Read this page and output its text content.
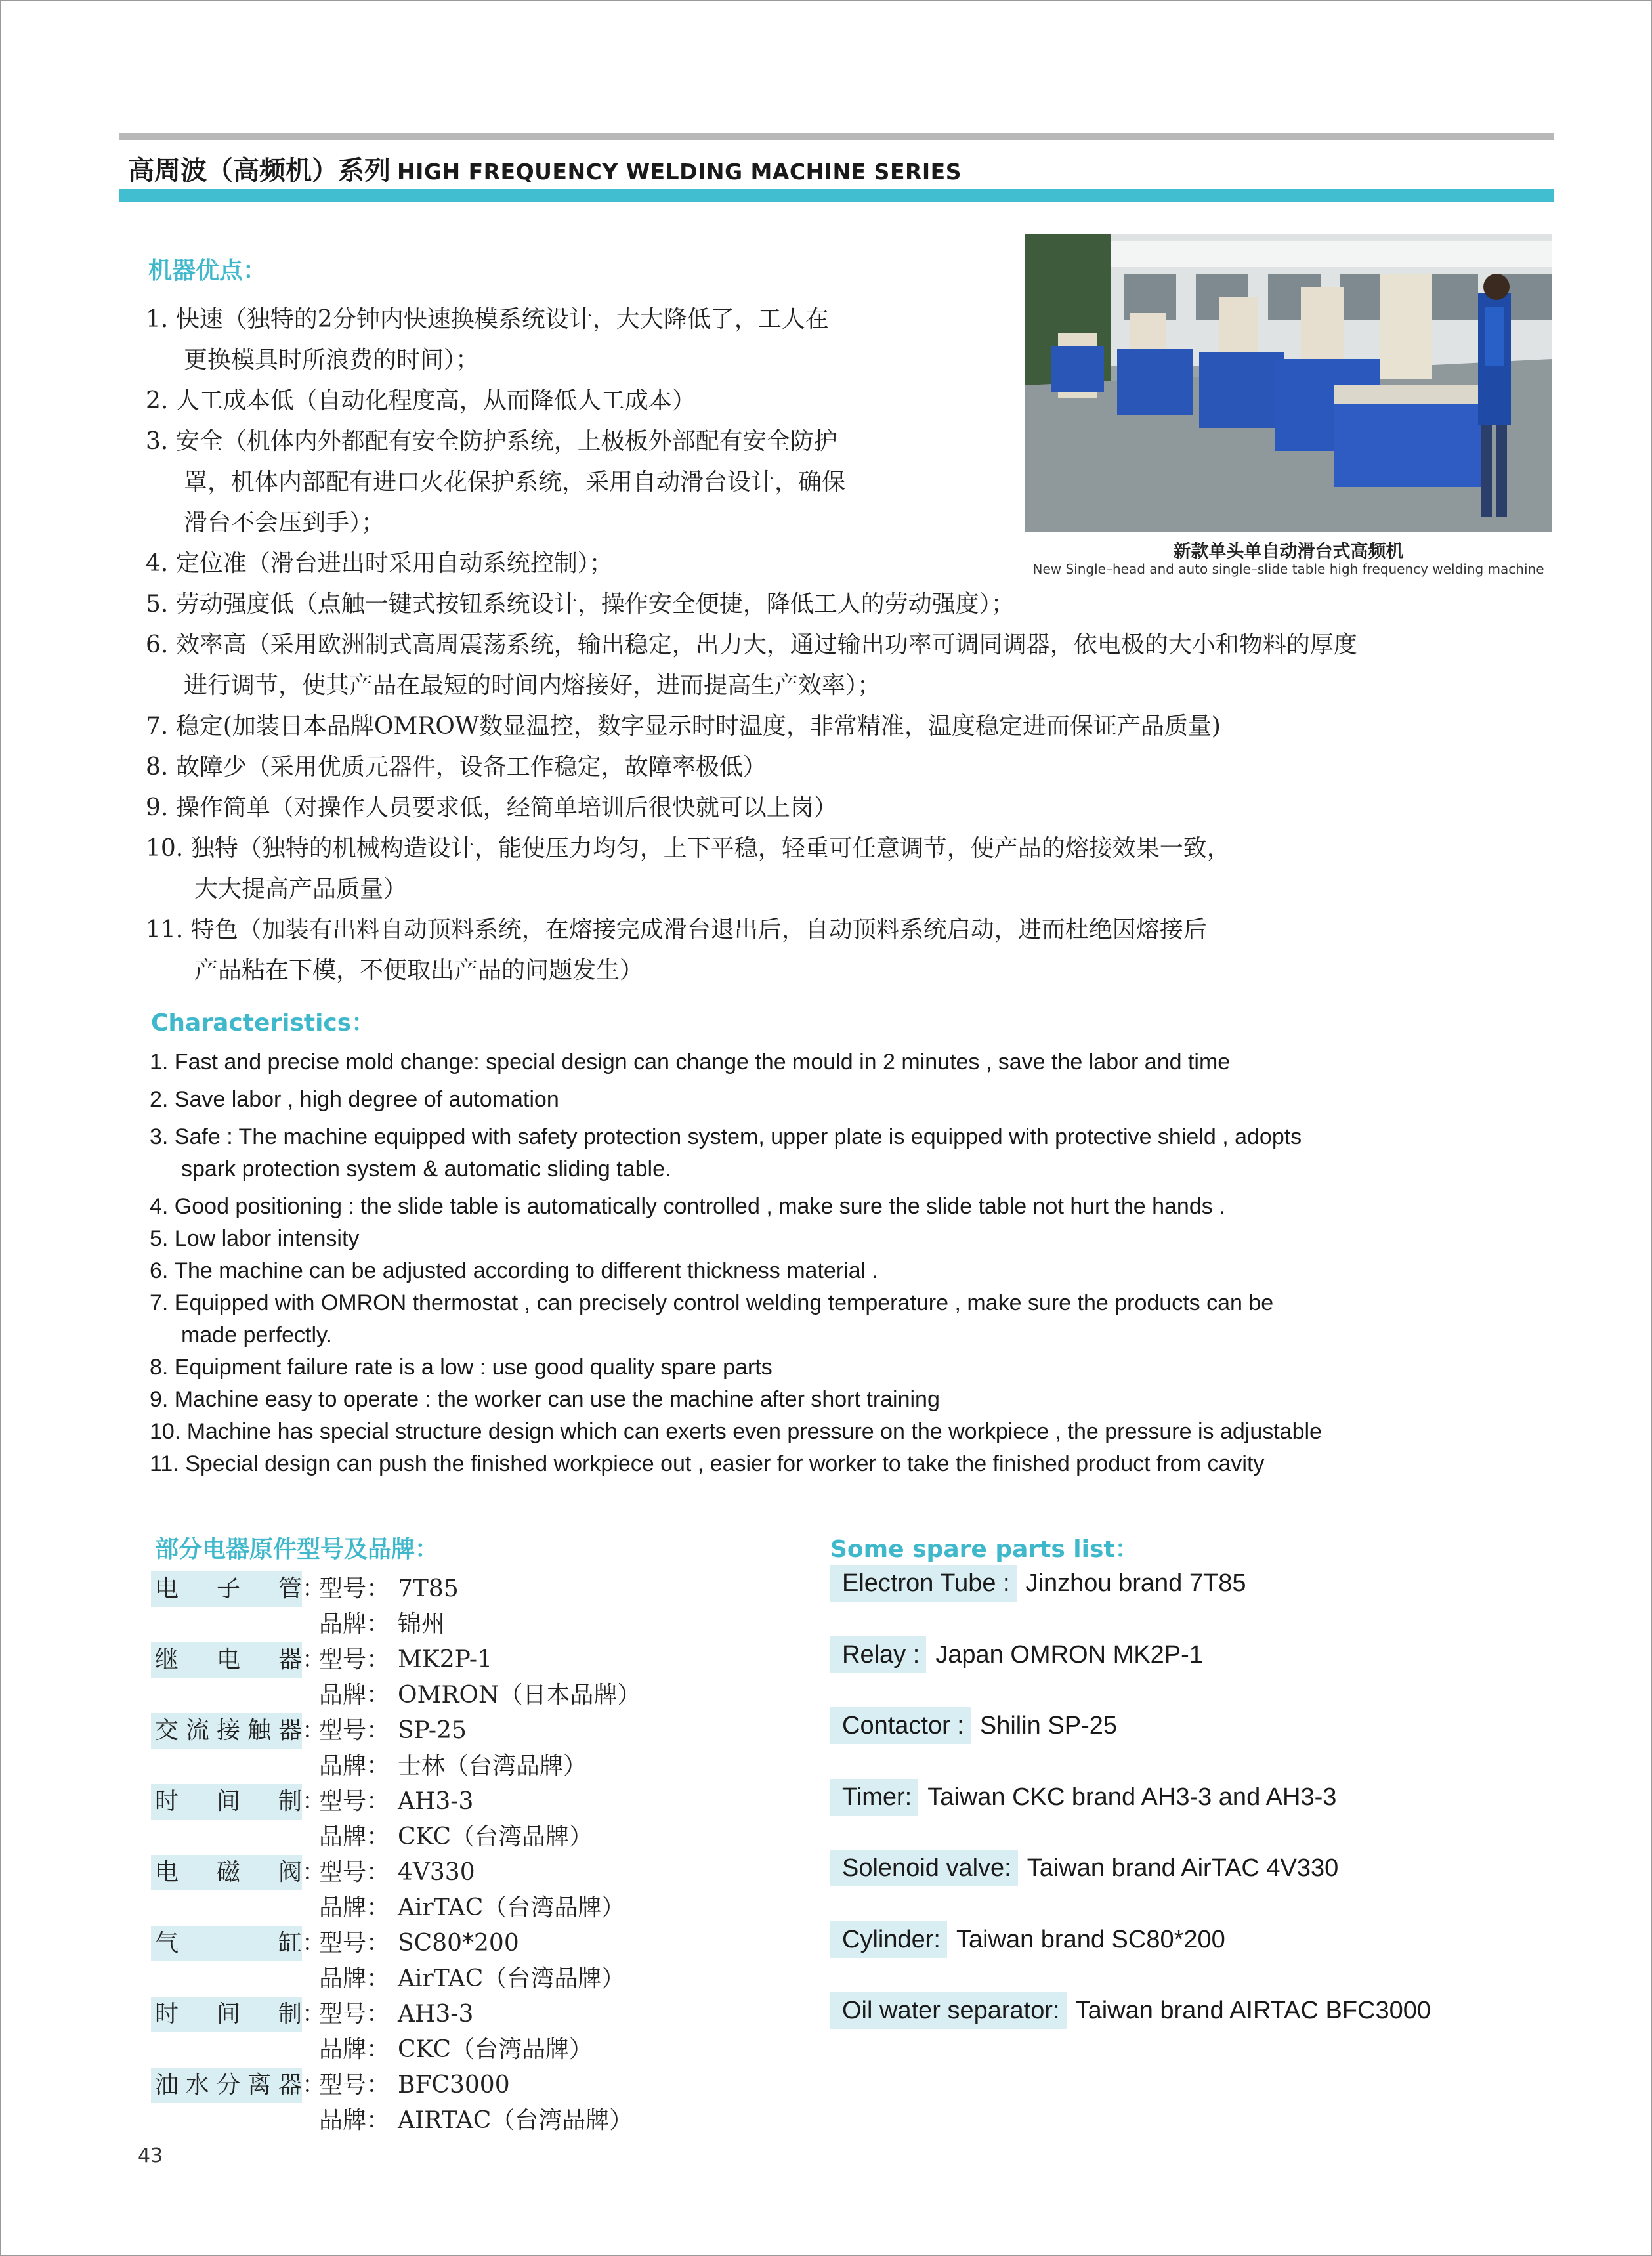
高周波（高频机）系列 HIGH FREQUENCY WELDING MACHINE SERIES
机器优点：
1. 快速（独特的2分钟内快速换模系统设计，大大降低了，工人在
更换模具时所浪费的时间）；
2. 人工成本低（自动化程度高，从而降低人工成本）
3. 安全（机体内外都配有安全防护系统，上极板外部配有安全防护
罩，机体内部配有进口火花保护系统，采用自动滑台设计，确保
滑台不会压到手）；
4. 定位准（滑台进出时采用自动系统控制）；
5. 劳动强度低（点触一键式按钮系统设计，操作安全便捷，降低工人的劳动强度）；
6. 效率高（采用欧洲制式高周震荡系统，输出稳定，出力大，通过输出功率可调同调器，依电极的大小和物料的厚度
进行调节，使其产品在最短的时间内熔接好，进而提高生产效率）；
7. 稳定(加装日本品牌OMROW数显温控，数字显示时时温度，非常精准，温度稳定进而保证产品质量)
8. 故障少（采用优质元器件，设备工作稳定，故障率极低）
9. 操作简单（对操作人员要求低，经简单培训后很快就可以上岗）
10. 独特（独特的机械构造设计，能使压力均匀，上下平稳，轻重可任意调节，使产品的熔接效果一致，
大大提高产品质量）
11. 特色（加装有出料自动顶料系统，在熔接完成滑台退出后，自动顶料系统启动，进而杜绝因熔接后
产品粘在下模，不便取出产品的问题发生）
新款单头单自动滑台式高频机
New Single–head and auto single–slide table high frequency welding machine
Characteristics：
1. Fast and precise mold change: special design can change the mould in 2 minutes , save the labor and time
2. Save labor , high degree of automation
3. Safe : The machine equipped with safety protection system, upper plate is equipped with protective shield , adopts
spark protection system & automatic sliding table.
4. Good positioning : the slide table is automatically controlled , make sure the slide table not hurt the hands .
5. Low labor intensity
6. The machine can be adjusted according to different thickness material .
7. Equipped with OMRON thermostat , can precisely control welding temperature , make sure the products can be
made perfectly.
8. Equipment failure rate is a low : use good quality spare parts
9. Machine easy to operate : the worker can use the machine after short training
10. Machine has special structure design which can exerts even pressure on the workpiece , the pressure is adjustable
11. Special design can push the finished workpiece out , easier for worker to take the finished product from cavity
部分电器原件型号及品牌：
电 子 管 ：
型号： 7T85
品牌： 锦州
继 电 器 ：
型号： MK2P-1
品牌： OMRON（日本品牌）
交 流 接 触 器 ：
型号： SP-25
品牌： 士林（台湾品牌）
时 间 制 ：
型号： AH3-3
品牌： CKC（台湾品牌）
电 磁 阀 ：
型号： 4V330
品牌： AirTAC（台湾品牌）
气	缸 ：
型号： SC80*200
品牌： AirTAC（台湾品牌）
时 间 制 ：
型号： AH3-3
品牌： CKC（台湾品牌）
油 水 分 离 器 ：
型号： BFC3000
品牌： AIRTAC（台湾品牌）
Some spare parts list：
Electron Tube : Jinzhou brand 7T85
Relay : Japan OMRON MK2P-1
Contactor : Shilin SP-25
Timer: Taiwan CKC brand AH3-3 and AH3-3
Solenoid valve: Taiwan brand AirTAC 4V330
Cylinder: Taiwan brand SC80*200
Oil water separator: Taiwan brand AIRTAC BFC3000
43
